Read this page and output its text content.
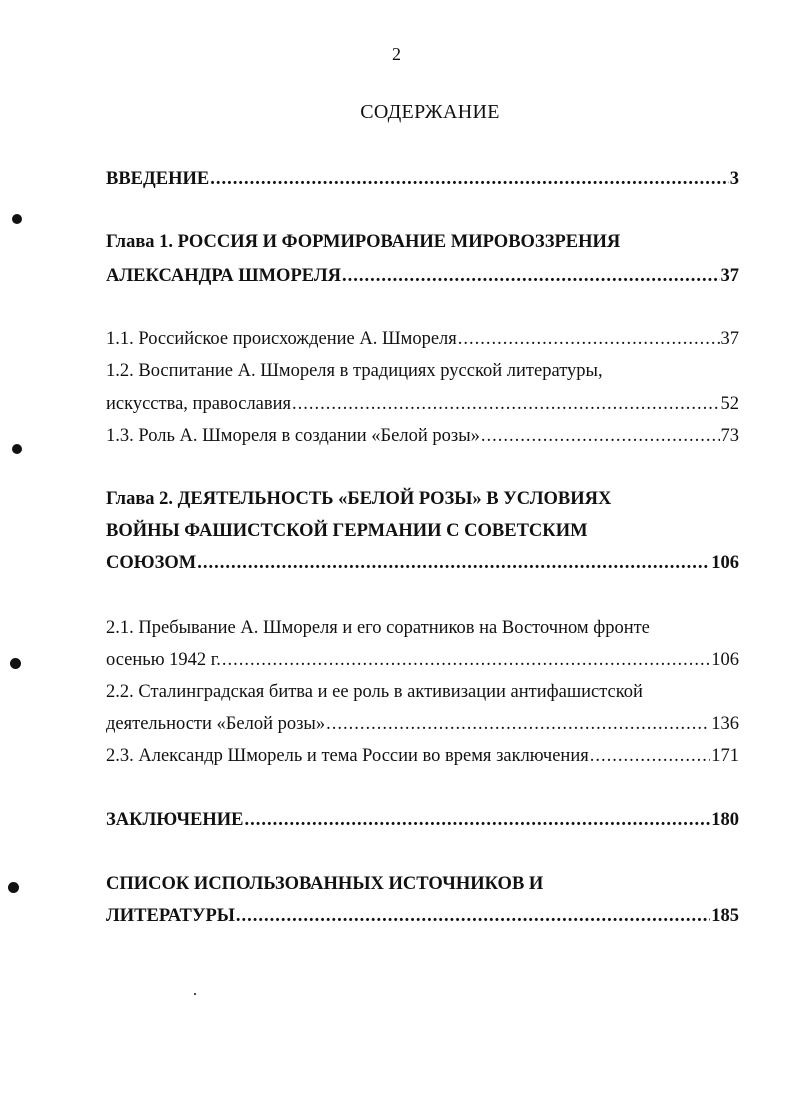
2
СОДЕРЖАНИЕ
ВВЕДЕНИЕ .....	3
Глава 1. РОССИЯ И ФОРМИРОВАНИЕ МИРОВОЗЗРЕНИЯ
АЛЕКСАНДРА ШМОРЕЛЯ .....	37
1.1. Российское происхождение А. Шмореля .....	37
1.2. Воспитание А. Шмореля в традициях русской литературы,
искусства, православия .....	52
1.3. Роль А. Шмореля в создании «Белой розы» .....	73
Глава 2. ДЕЯТЕЛЬНОСТЬ «БЕЛОЙ РОЗЫ» В УСЛОВИЯХ
ВОЙНЫ ФАШИСТСКОЙ ГЕРМАНИИ С СОВЕТСКИМ
СОЮЗОМ .....	106
2.1. Пребывание А. Шмореля и его соратников на Восточном фронте
осенью 1942 г. .....	106
2.2. Сталинградская битва и ее роль в активизации антифашистской
деятельности «Белой розы» .....	136
2.3. Александр Шморель и тема России во время заключения .....	171
ЗАКЛЮЧЕНИЕ .....	180
СПИСОК ИСПОЛЬЗОВАННЫХ ИСТОЧНИКОВ И
ЛИТЕРАТУРЫ .....	185
